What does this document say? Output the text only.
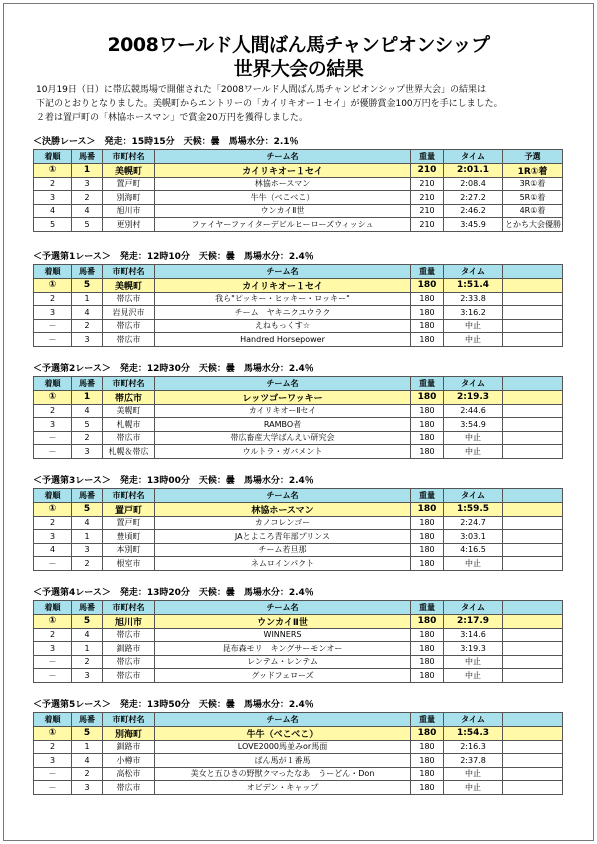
2008ワールド人間ばん馬チャンピオンシップ
世界大会の結果
10月19日（日）に帯広競馬場で開催された「2008ワールド人間ばん馬チャンピオンシップ世界大会」の結果は
下記のとおりとなりました。美幌町からエントリーの「カイリキオー１セイ」が優勝賞金100万円を手にしました。
２着は置戸町の「林協ホースマン」で賞金20万円を獲得しました。
＜決勝レース＞　発走：15時15分　天候：曇　馬場水分：2.1％
着順	馬番	市町村名	チーム名	重量	タイム	予選
①	1	美幌町	カイリキオー１セイ	210	2:01.1	1R①着
2	3	置戸町	林協ホースマン	210	2:08.4	3R①着
3	2	別海町	牛牛（べこべこ）	210	2:27.2	5R①着
4	4	旭川市	ウンカイⅡ世	210	2:46.2	4R①着
5	5	更別村	ファイヤーファイターデビルヒーローズウィッシュ	210	3:45.9	とかち大会優勝
＜予選第1レース＞　発走：12時10分　天候：曇　馬場水分：2.4％
着順	馬番	市町村名	チーム名	重量	タイム	
①	5	美幌町	カイリキオー１セイ	180	1:51.4	
2	1	帯広市	我ら"ピッキー・ヒッキー・ロッキー"	180	2:33.8	
3	4	岩見沢市	チーム　ヤキニクユウラク	180	3:16.2	
－	2	帯広市	えねもっくす☆	180	中止	
－	3	帯広市	Handred Horsepower	180	中止	
＜予選第2レース＞　発走：12時30分　天候：曇　馬場水分：2.4％
着順	馬番	市町村名	チーム名	重量	タイム	
①	1	帯広市	レッツゴーワッキー	180	2:19.3	
2	4	美幌町	カイリキオーⅡセイ	180	2:44.6	
3	5	札幌市	RAMBO者	180	3:54.9	
－	2	帯広市	帯広畜産大学ばんえい研究会	180	中止	
－	3	札幌＆帯広	ウルトラ・ガバメント	180	中止	
＜予選第3レース＞　発走：13時00分　天候：曇　馬場水分：2.4％
着順	馬番	市町村名	チーム名	重量	タイム	
①	5	置戸町	林協ホースマン	180	1:59.5	
2	4	置戸町	カノコレンゴー	180	2:24.7	
3	1	豊頃町	JAとよころ青年部プリンス	180	3:03.1	
4	3	本別町	チーム若旦那	180	4:16.5	
－	2	根室市	ネムロインパクト	180	中止	
＜予選第4レース＞　発走：13時20分　天候：曇　馬場水分：2.4％
着順	馬番	市町村名	チーム名	重量	タイム	
①	5	旭川市	ウンカイⅡ世	180	2:17.9	
2	4	帯広市	WINNERS	180	3:14.6	
3	1	釧路市	昆布森モリ　キングサーモンオー	180	3:19.3	
－	2	帯広市	レンテム・レンテム	180	中止	
－	3	帯広市	グッドフェローズ	180	中止	
＜予選第5レース＞　発走：13時50分　天候：曇　馬場水分：2.4％
着順	馬番	市町村名	チーム名	重量	タイム	
①	5	別海町	牛牛（べこべこ）	180	1:54.3	
2	1	釧路市	LOVE2000馬並みor馬面	180	2:16.3	
3	4	小樽市	ばん馬が１番馬	180	2:37.8	
－	2	高松市	美女と五ひきの野獣クマったなあ　うーどん・Don	180	中止	
－	3	帯広市	オビデン・キャップ	180	中止	
